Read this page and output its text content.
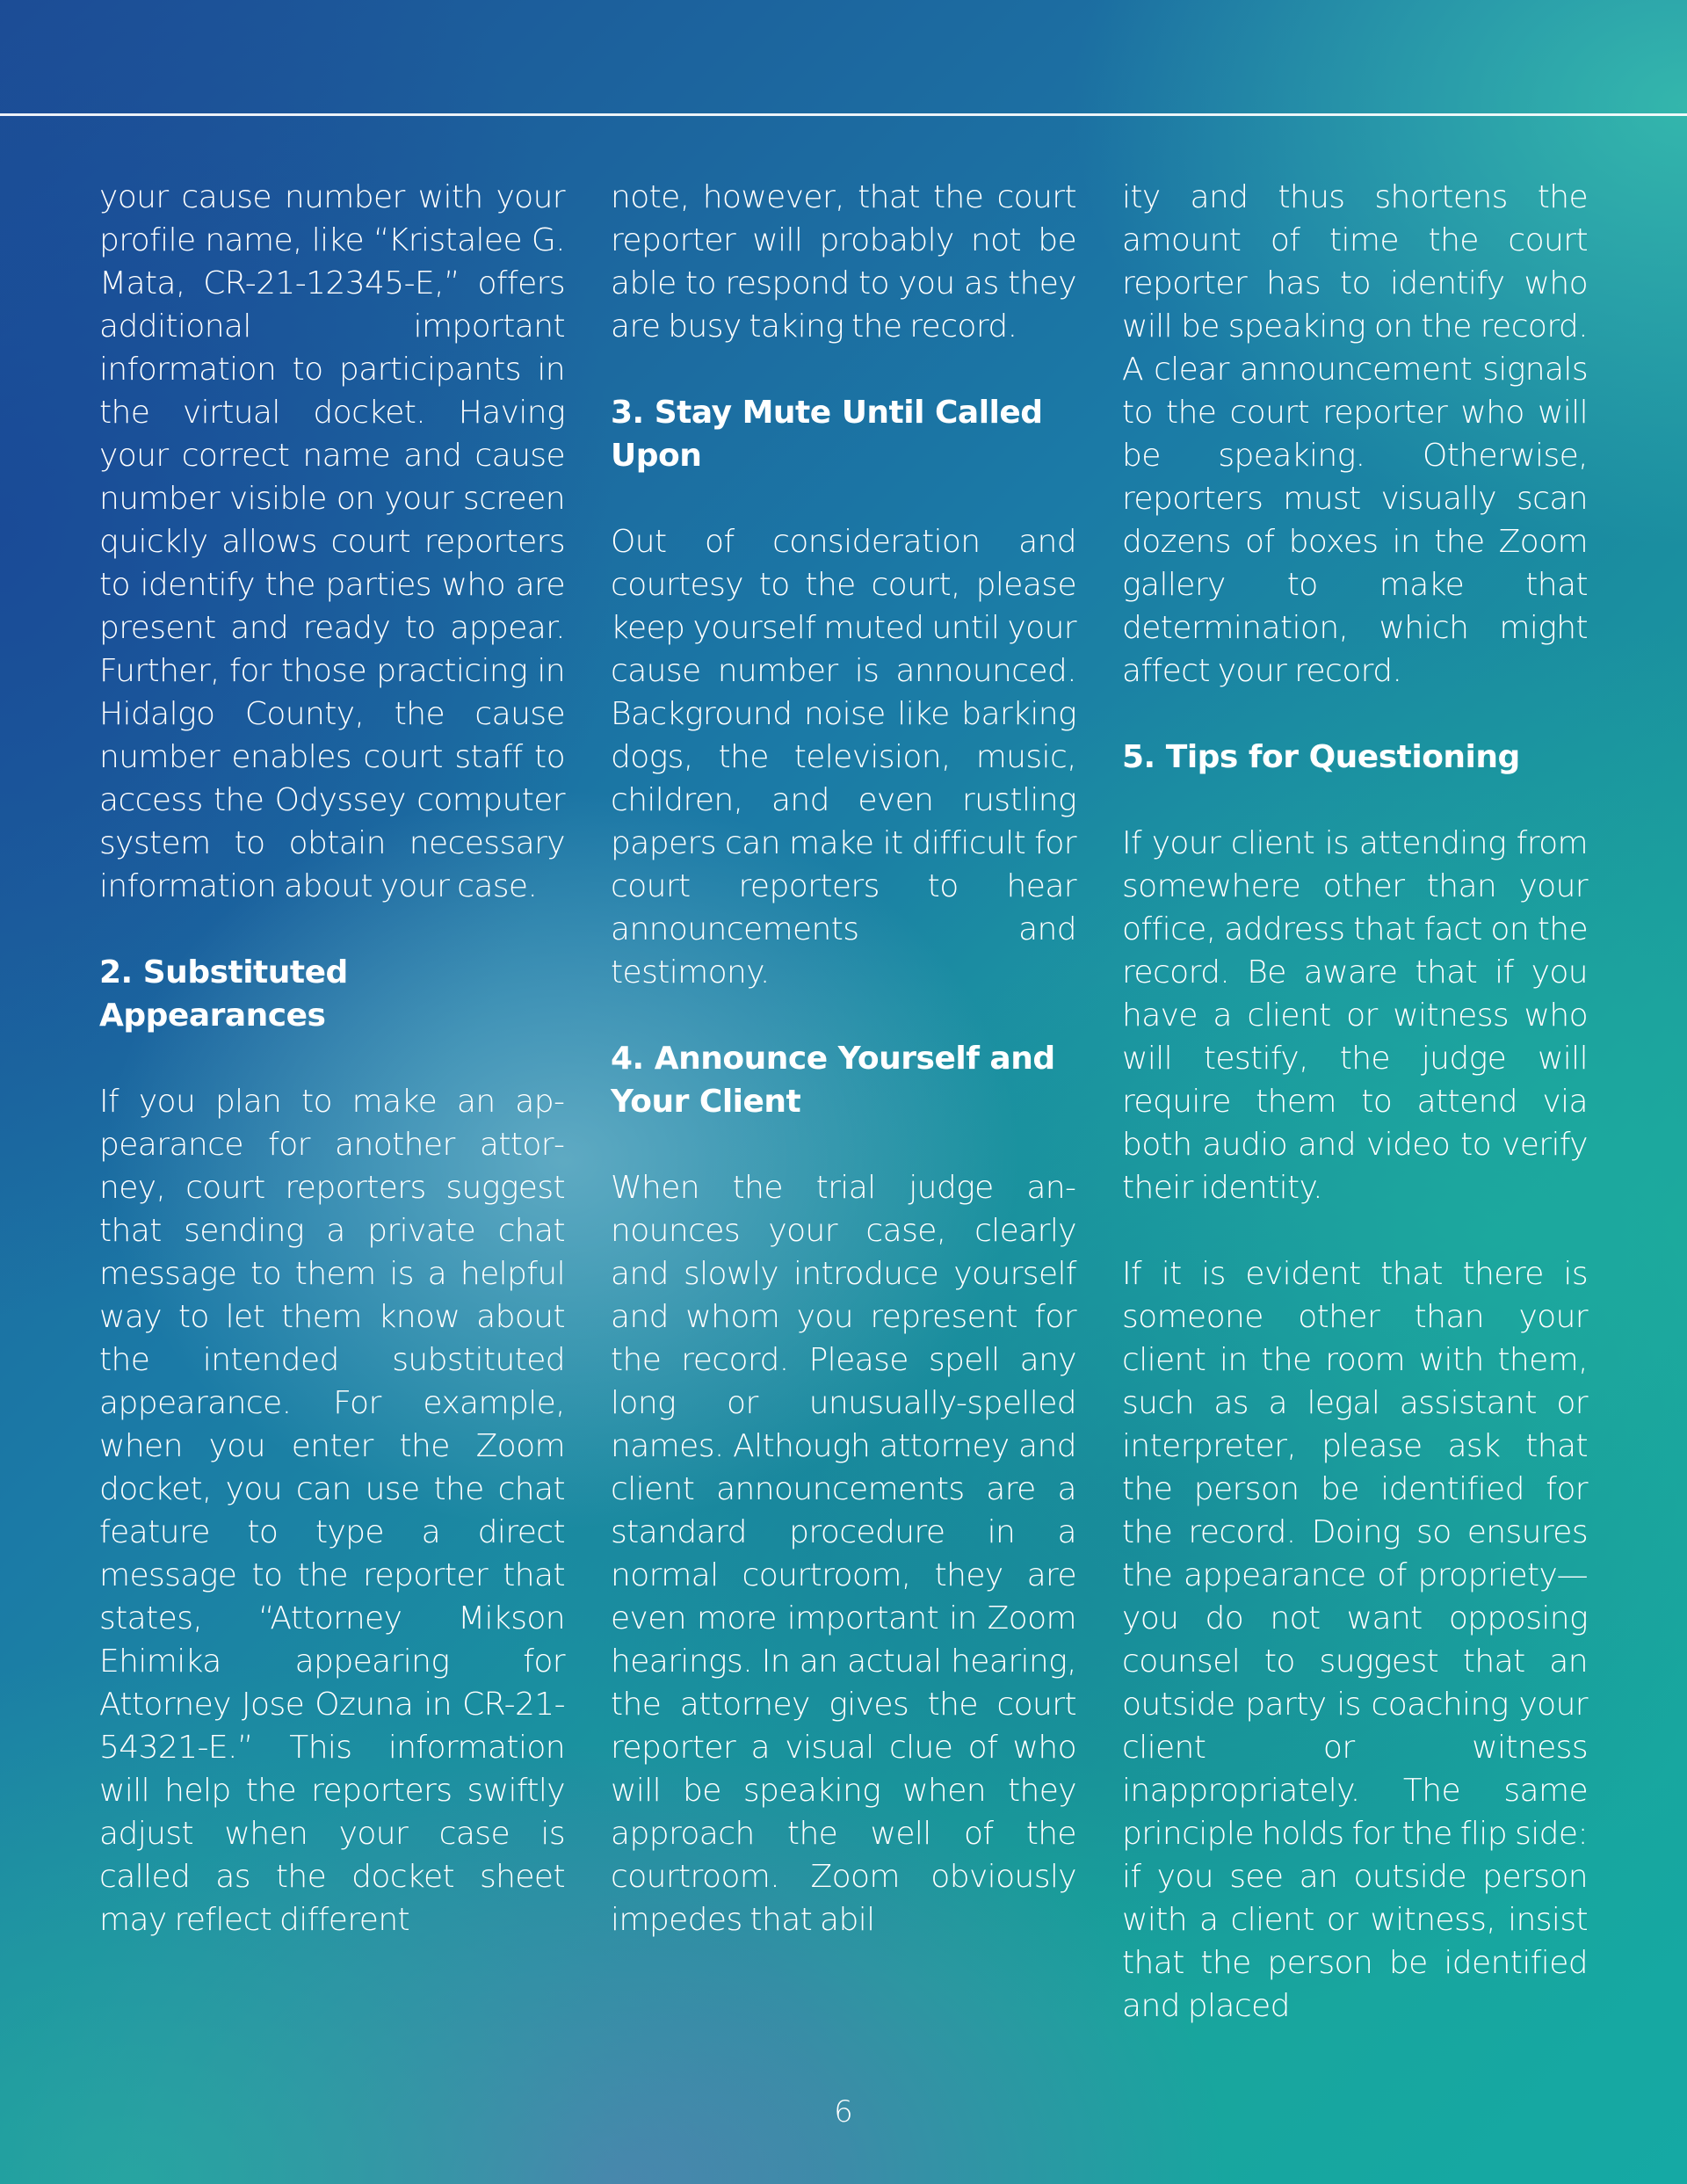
your cause number with your profile name, like “Kristalee G. Mata, CR-21-12345-E,” offers additional important information to participants in the virtual docket. Having your correct name and cause number visible on your screen quickly allows court reporters to identify the parties who are present and ready to appear. Further, for those practicing in Hidalgo County, the cause number enables court staff to access the Odyssey computer system to obtain necessary information about your case.

2. Substituted Appearances

If you plan to make an appearance for another attorney, court reporters suggest that sending a private chat message to them is a helpful way to let them know about the intended substituted appearance. For example, when you enter the Zoom docket, you can use the chat feature to type a direct message to the reporter that states, “Attorney Mikson Ehimika appearing for Attorney Jose Ozuna in CR-21-54321-E.” This information will help the reporters swiftly adjust when your case is called as the docket sheet may reflect different

note, however, that the court reporter will probably not be able to respond to you as they are busy taking the record.

3. Stay Mute Until Called Upon

Out of consideration and courtesy to the court, please keep yourself muted until your cause number is announced. Background noise like barking dogs, the television, music, children, and even rustling papers can make it difficult for court reporters to hear announcements and testimony.

4. Announce Yourself and Your Client

When the trial judge announces your case, clearly and slowly introduce yourself and whom you represent for the record. Please spell any long or unusually-spelled names. Although attorney and client announcements are a standard procedure in a normal courtroom, they are even more important in Zoom hearings. In an actual hearing, the attorney gives the court reporter a visual clue of who will be speaking when they approach the well of the courtroom. Zoom obviously impedes that abil

ity and thus shortens the amount of time the court reporter has to identify who will be speaking on the record. A clear announcement signals to the court reporter who will be speaking. Otherwise, reporters must visually scan dozens of boxes in the Zoom gallery to make that determination, which might affect your record.

5. Tips for Questioning

If your client is attending from somewhere other than your office, address that fact on the record. Be aware that if you have a client or witness who will testify, the judge will require them to attend via both audio and video to verify their identity.

If it is evident that there is someone other than your client in the room with them, such as a legal assistant or interpreter, please ask that the person be identified for the record. Doing so ensures the appearance of propriety—you do not want opposing counsel to suggest that an outside party is coaching your client or witness inappropriately. The same principle holds for the flip side: if you see an outside person with a client or witness, insist that the person be identified and placed

6
